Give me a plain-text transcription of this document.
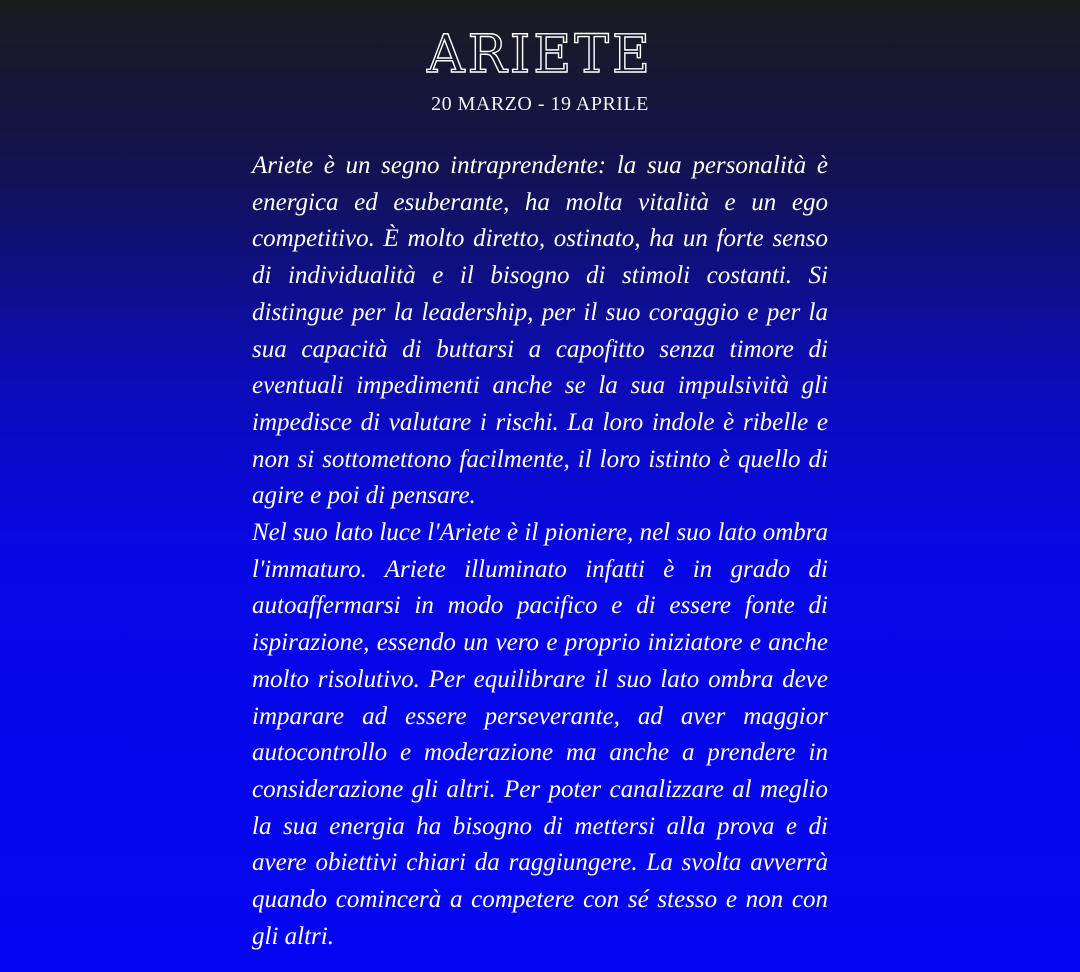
ARIETE
20 MARZO - 19 APRILE

Ariete è un segno intraprendente: la sua personalità è energica ed esuberante, ha molta vitalità e un ego competitivo. È molto diretto, ostinato, ha un forte senso di individualità e il bisogno di stimoli costanti. Si distingue per la leadership, per il suo coraggio e per la sua capacità di buttarsi a capofitto senza timore di eventuali impedimenti anche se la sua impulsività gli impedisce di valutare i rischi. La loro indole è ribelle e non si sottomettono facilmente, il loro istinto è quello di agire e poi di pensare.

Nel suo lato luce l'Ariete è il pioniere, nel suo lato ombra l'immaturo. Ariete illuminato infatti è in grado di autoaffermarsi in modo pacifico e di essere fonte di ispirazione, essendo un vero e proprio iniziatore e anche molto risolutivo. Per equilibrare il suo lato ombra deve imparare ad essere perseverante, ad aver maggior autocontrollo e moderazione ma anche a prendere in considerazione gli altri. Per poter canalizzare al meglio la sua energia ha bisogno di mettersi alla prova e di avere obiettivi chiari da raggiungere. La svolta avverrà quando comincerà a competere con sé stesso e non con gli altri.
